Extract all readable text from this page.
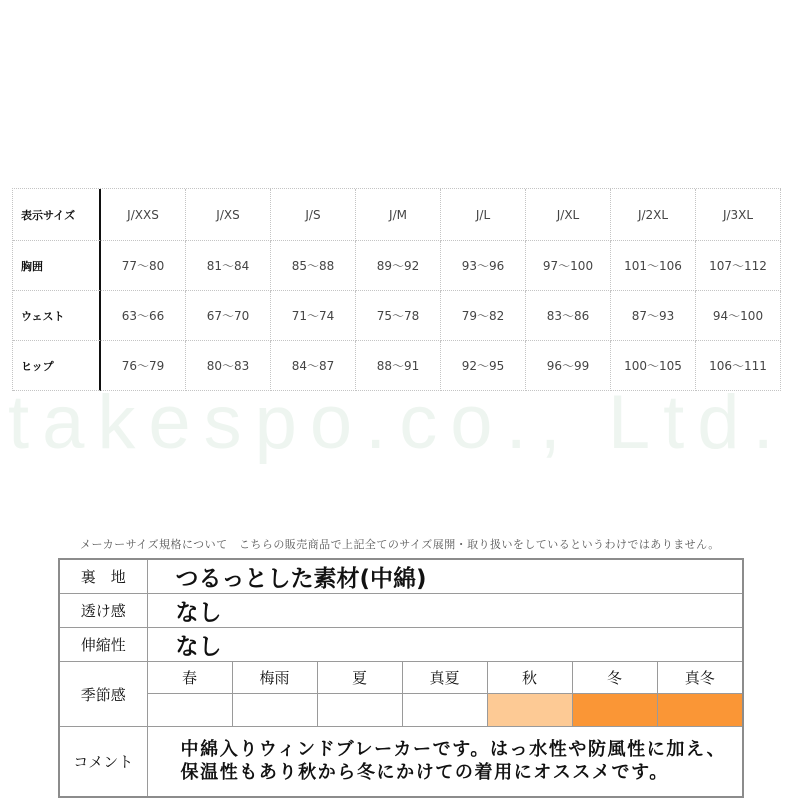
takespo.co., Ltd.
表示サイズ	J/XXS	J/XS	J/S	J/M	J/L	J/XL	J/2XL	J/3XL
胸囲	77〜80	81〜84	85〜88	89〜92	93〜96	97〜100	101〜106	107〜112
ウェスト	63〜66	67〜70	71〜74	75〜78	79〜82	83〜86	87〜93	94〜100
ヒップ	76〜79	80〜83	84〜87	88〜91	92〜95	96〜99	100〜105	106〜111
メーカーサイズ規格について　こちらの販売商品で上記全てのサイズ展開・取り扱いをしているというわけではありません。
裏　地	つるっとした素材(中綿)						
透け感	なし						
伸縮性	なし						
季節感	春	梅雨	夏	真夏	秋	冬	真冬

コメント	中綿入りウィンドブレーカーです。はっ水性や防風性に加え、
保温性もあり秋から冬にかけての着用にオススメです。						
